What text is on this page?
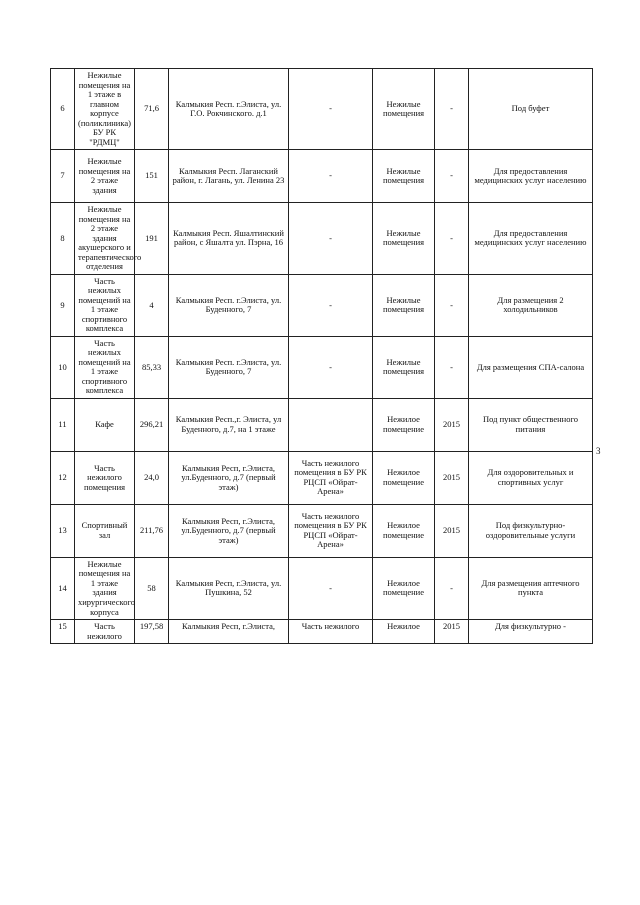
6	Нежилые помещения на 1 этаже в главном корпусе (поликлиника) БУ РК "РДМЦ"	71,6	Калмыкия Респ. г.Элиста, ул. Г.О. Рокчинского. д.1	-	Нежилые помещения	-	Под буфет
7	Нежилые помещения на 2 этаже здания	151	Калмыкия Респ. Лаганский район, г. Лагань, ул. Ленина 23	-	Нежилые помещения	-	Для предоставления медицинских услуг населению
8	Нежилые помещения на 2 этаже здания акушерского и терапевтического отделения	191	Калмыкия Респ. Яшалтинский район, с Яшалта ул. Пэрна, 16	-	Нежилые помещения	-	Для предоставления медицинских услуг населению
9	Часть нежилых помещений на 1 этаже спортивного комплекса	4	Калмыкия Респ. г.Элиста, ул. Буденного, 7	-	Нежилые помещения	-	Для размещения 2 холодильников
10	Часть нежилых помещений на 1 этаже спортивного комплекса	85,33	Калмыкия Респ. г.Элиста, ул. Буденного, 7	-	Нежилые помещения	-	Для размещения СПА-салона
11	Кафе	296,21	Калмыкия Респ.,г. Элиста, ул Буденного, д.7, на 1 этаже		Нежилое помещение	2015	Под пункт общественного питания
12	Часть нежилого помещения	24,0	Калмыкия Респ, г.Элиста, ул.Буденного, д.7 (первый этаж)	Часть нежилого помещения в БУ РК РЦСП «Ойрат-Арена»	Нежилое помещение	2015	Для оздоровительных и спортивных услуг
13	Спортивный зал	211,76	Калмыкия Респ, г.Элиста, ул.Буденного, д.7 (первый этаж)	Часть нежилого помещения в БУ РК РЦСП «Ойрат-Арена»	Нежилое помещение	2015	Под физкультурно-оздоровительные услуги
14	Нежилые помещения на 1 этаже здания хирургического корпуса	58	Калмыкия Респ, г.Элиста, ул. Пушкина, 52	-	Нежилое помещение	-	Для размещения аптечного пункта
15	Часть нежилого	197,58	Калмыкия Респ, г.Элиста,	Часть нежилого	Нежилое	2015	Для физкультурно -
3
